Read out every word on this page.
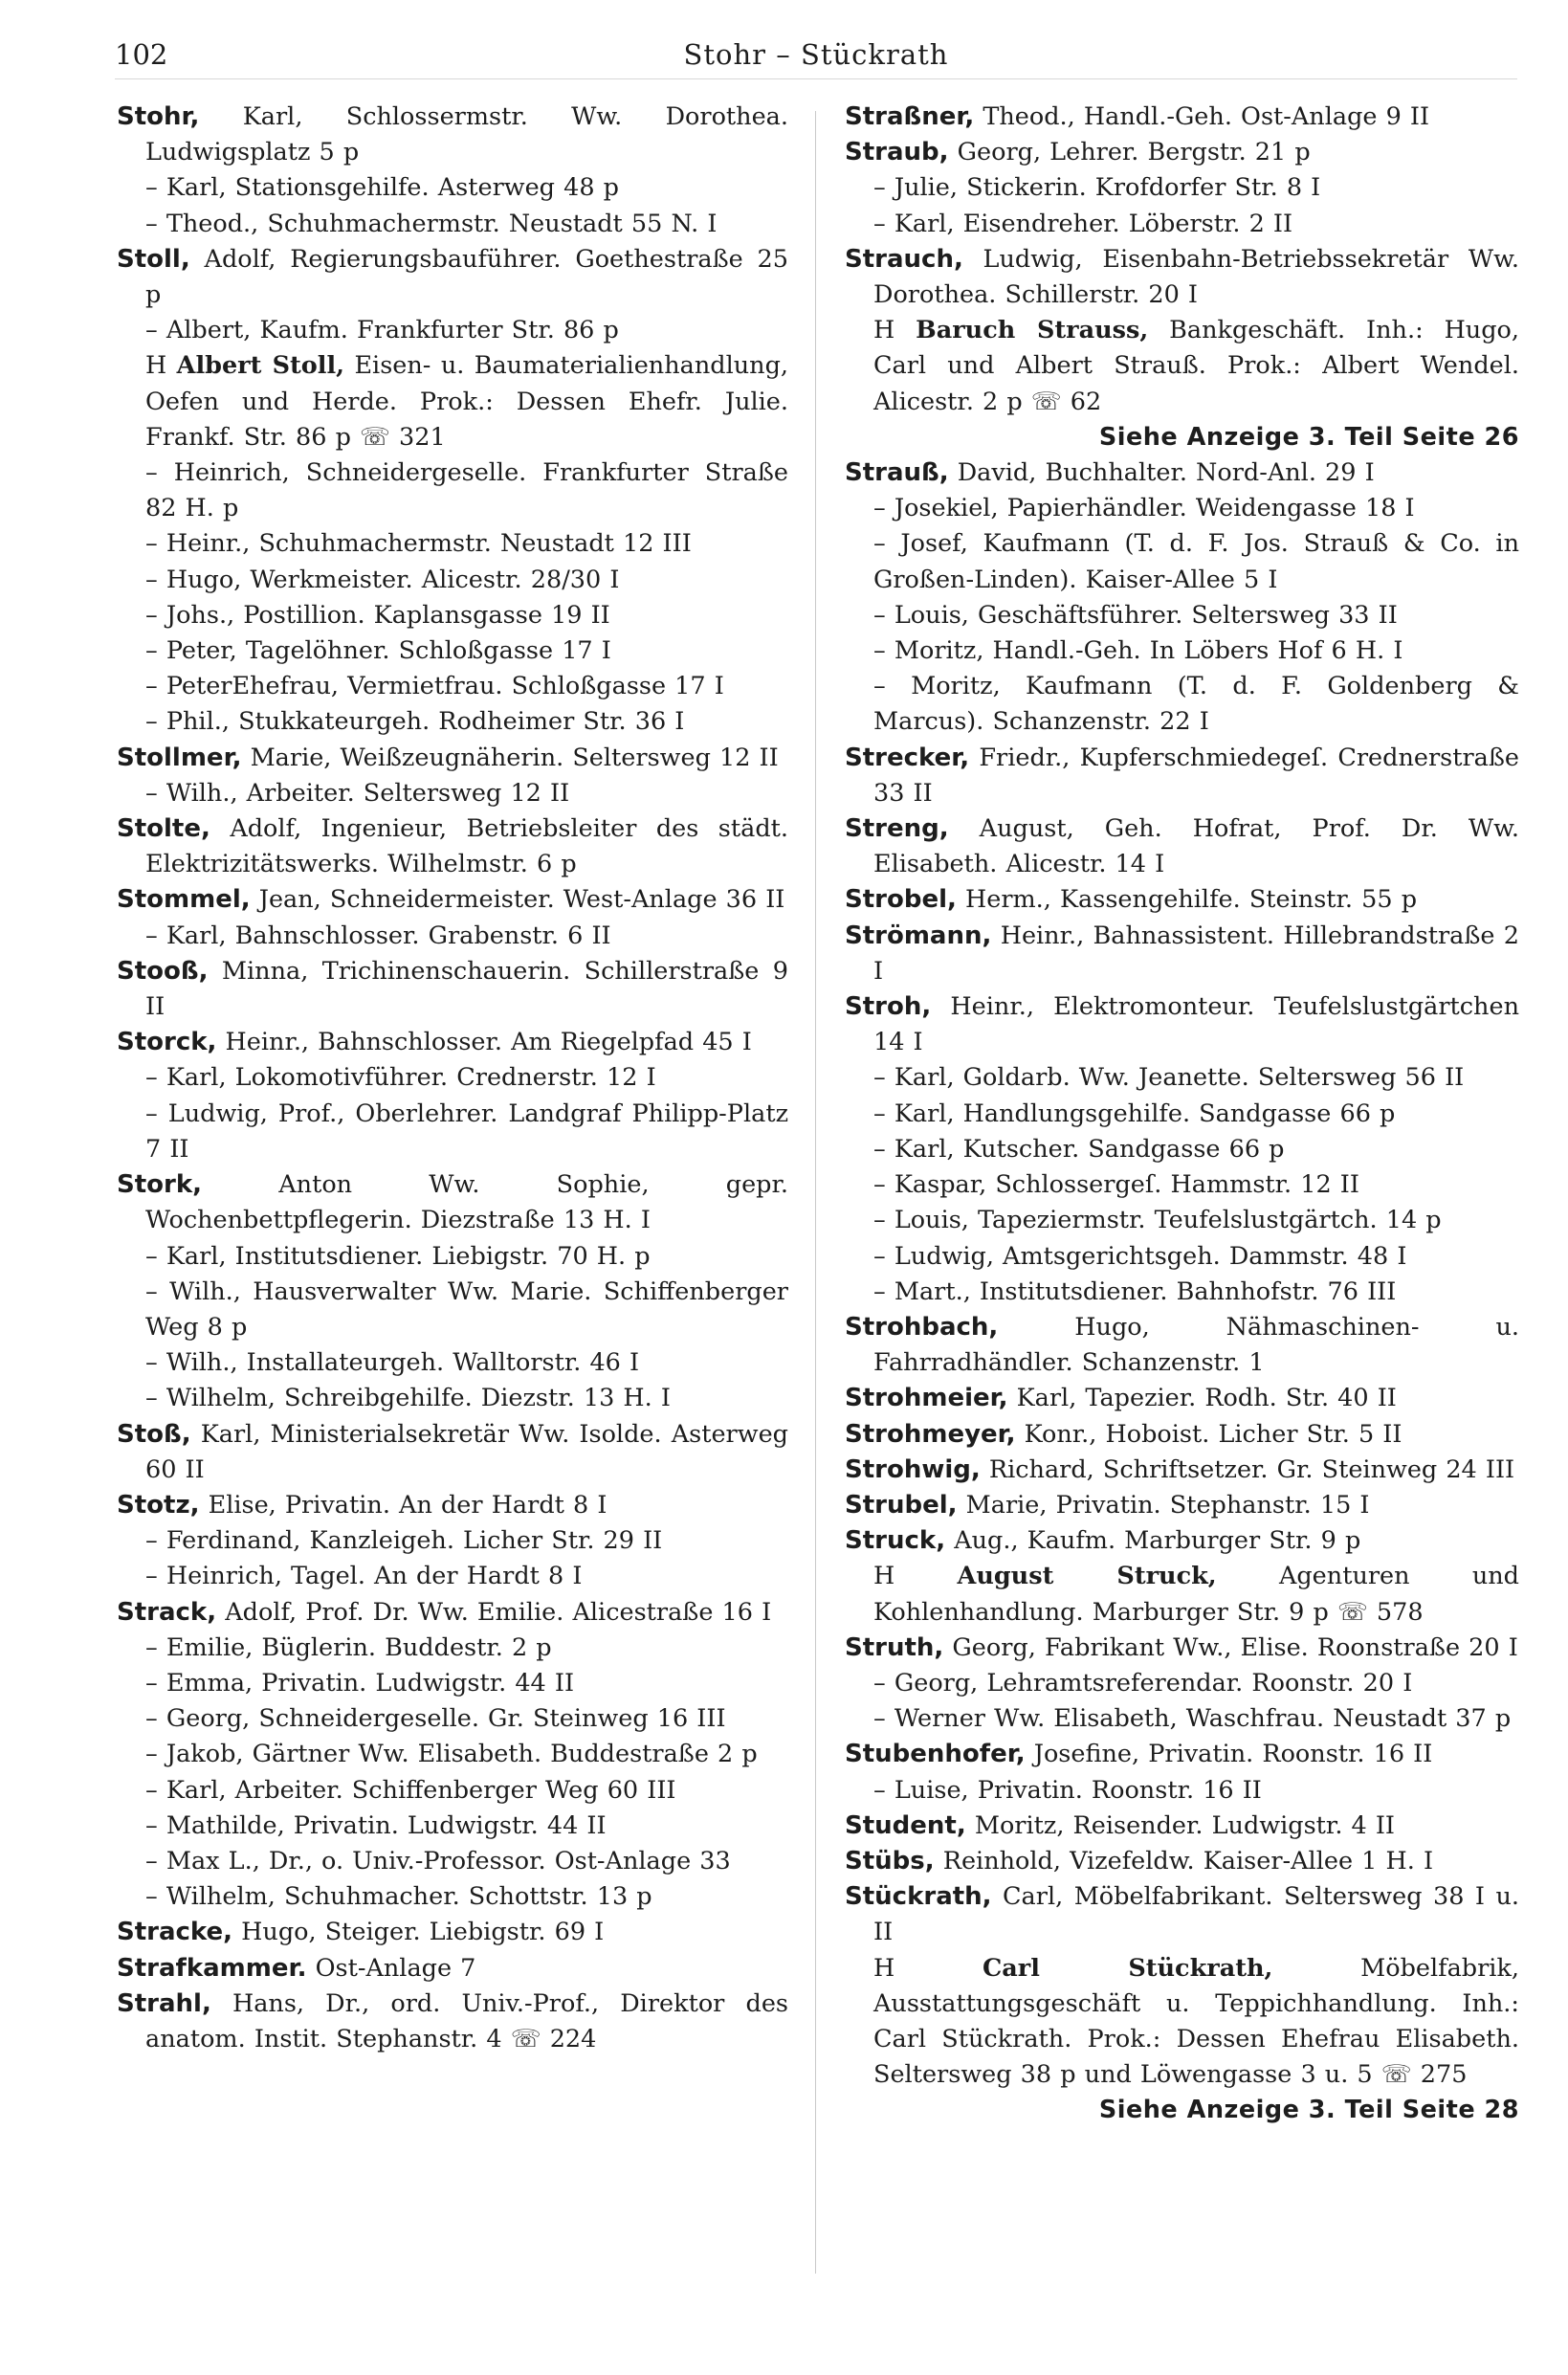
102	Stohr – Stückrath
Stohr, Karl, Schlossermstr. Ww. Dorothea. Ludwigsplatz 5 p
– Karl, Stationsgehilfe. Asterweg 48 p
– Theod., Schuhmachermstr. Neustadt 55 N. I
Stoll, Adolf, Regierungsbauführer. Goethestraße 25 p
– Albert, Kaufm. Frankfurter Str. 86 p
H Albert Stoll, Eisen- u. Baumaterialienhandlung, Oefen und Herde. Prok.: Dessen Ehefr. Julie. Frankf. Str. 86 p ☏ 321
– Heinrich, Schneidergeselle. Frankfurter Straße 82 H. p
– Heinr., Schuhmachermstr. Neustadt 12 III
– Hugo, Werkmeister. Alicestr. 28/30 I
– Johs., Postillion. Kaplansgasse 19 II
– Peter, Tagelöhner. Schloßgasse 17 I
– PeterEhefrau, Vermietfrau. Schloßgasse 17 I
– Phil., Stukkateurgeh. Rodheimer Str. 36 I
Stollmer, Marie, Weißzeugnäherin. Seltersweg 12 II
– Wilh., Arbeiter. Seltersweg 12 II
Stolte, Adolf, Ingenieur, Betriebsleiter des städt. Elektrizitätswerks. Wilhelmstr. 6 p
Stommel, Jean, Schneidermeister. West-Anlage 36 II
– Karl, Bahnschlosser. Grabenstr. 6 II
Stooß, Minna, Trichinenschauerin. Schillerstraße 9 II
Storck, Heinr., Bahnschlosser. Am Riegelpfad 45 I
– Karl, Lokomotivführer. Crednerstr. 12 I
– Ludwig, Prof., Oberlehrer. Landgraf Philipp-Platz 7 II
Stork,	Anton Ww. Sophie, gepr. Wochenbettpflegerin. Diezstraße 13 H. I
– Karl, Institutsdiener. Liebigstr. 70 H. p
– Wilh., Hausverwalter Ww. Marie. Schiffenberger Weg 8 p
– Wilh., Installateurgeh. Walltorstr. 46 I
– Wilhelm, Schreibgehilfe. Diezstr. 13 H. I
Stoß, Karl, Ministerialsekretär Ww. Isolde. Asterweg 60 II
Stotz, Elise, Privatin. An der Hardt 8 I
– Ferdinand, Kanzleigeh. Licher Str. 29 II
– Heinrich, Tagel. An der Hardt 8 I
Strack, Adolf, Prof. Dr. Ww. Emilie. Alicestraße 16 I
– Emilie, Büglerin. Buddestr. 2 p
– Emma, Privatin. Ludwigstr. 44 II
– Georg, Schneidergeselle. Gr. Steinweg 16 III
– Jakob, Gärtner Ww. Elisabeth. Buddestraße 2 p
– Karl, Arbeiter. Schiffenberger Weg 60 III
– Mathilde, Privatin. Ludwigstr. 44 II
– Max L., Dr., o. Univ.-Professor. Ost-Anlage 33
– Wilhelm, Schuhmacher. Schottstr. 13 p
Stracke, Hugo, Steiger. Liebigstr. 69 I
Strafkammer. Ost-Anlage 7
Strahl, Hans, Dr., ord. Univ.-Prof., Direktor des anatom. Instit. Stephanstr. 4 ☏ 224
Straßner, Theod., Handl.-Geh. Ost-Anlage 9 II
Straub, Georg, Lehrer. Bergstr. 21 p
– Julie, Stickerin. Krofdorfer Str. 8 I
– Karl, Eisendreher. Löberstr. 2 II
Strauch, Ludwig, Eisenbahn-Betriebssekretär Ww. Dorothea. Schillerstr. 20 I
H Baruch Strauss, Bankgeschäft. Inh.: Hugo, Carl und Albert Strauß. Prok.: Albert Wendel. Alicestr. 2 p ☏ 62
Siehe Anzeige 3. Teil Seite 26
Strauß, David, Buchhalter. Nord-Anl. 29 I
– Josekiel, Papierhändler. Weidengasse 18 I
– Josef, Kaufmann (T. d. F. Jos. Strauß & Co. in Großen-Linden). Kaiser-Allee 5 I
– Louis, Geschäftsführer. Seltersweg 33 II
– Moritz, Handl.-Geh. In Löbers Hof 6 H. I
– Moritz, Kaufmann (T. d. F. Goldenberg & Marcus). Schanzenstr. 22 I
Strecker, Friedr., Kupferschmiedegeſ. Crednerstraße 33 II
Streng, August, Geh. Hofrat, Prof. Dr. Ww. Elisabeth. Alicestr. 14 I
Strobel, Herm., Kassengehilfe. Steinstr. 55 p
Strömann, Heinr., Bahnassistent. Hillebrandstraße 2 I
Stroh, Heinr., Elektromonteur. Teufelslustgärtchen 14 I
– Karl, Goldarb. Ww. Jeanette. Seltersweg 56 II
– Karl, Handlungsgehilfe. Sandgasse 66 p
– Karl, Kutscher. Sandgasse 66 p
– Kaspar, Schlossergeſ. Hammstr. 12 II
– Louis, Tapeziermstr. Teufelslustgärtch. 14 p
– Ludwig, Amtsgerichtsgeh. Dammstr. 48 I
– Mart., Institutsdiener. Bahnhofstr. 76 III
Strohbach,	Hugo, Nähmaschinen- u. Fahrradhändler. Schanzenstr. 1
Strohmeier, Karl, Tapezier. Rodh. Str. 40 II
Strohmeyer, Konr., Hoboist. Licher Str. 5 II
Strohwig, Richard, Schriftsetzer. Gr. Steinweg 24 III
Strubel, Marie, Privatin. Stephanstr. 15 I
Struck, Aug., Kaufm. Marburger Str. 9 p
H	August Struck,	Agenturen und Kohlenhandlung. Marburger Str. 9 p ☏ 578
Struth, Georg, Fabrikant Ww., Elise. Roonstraße 20 I
– Georg, Lehramtsreferendar. Roonstr. 20 I
– Werner Ww. Elisabeth, Waschfrau. Neustadt 37 p
Stubenhofer, Josefine, Privatin. Roonstr. 16 II
– Luise, Privatin. Roonstr. 16 II
Student, Moritz, Reisender. Ludwigstr. 4 II
Stübs, Reinhold, Vizefeldw. Kaiser-Allee 1 H. I
Stückrath, Carl, Möbelfabrikant. Seltersweg 38 I u. II
H	Carl Stückrath,	Möbelfabrik, Ausstattungsgeschäft u. Teppichhandlung. Inh.: Carl Stückrath. Prok.: Dessen Ehefrau Elisabeth. Seltersweg 38 p und Löwengasse 3 u. 5 ☏ 275
Siehe Anzeige 3. Teil Seite 28
